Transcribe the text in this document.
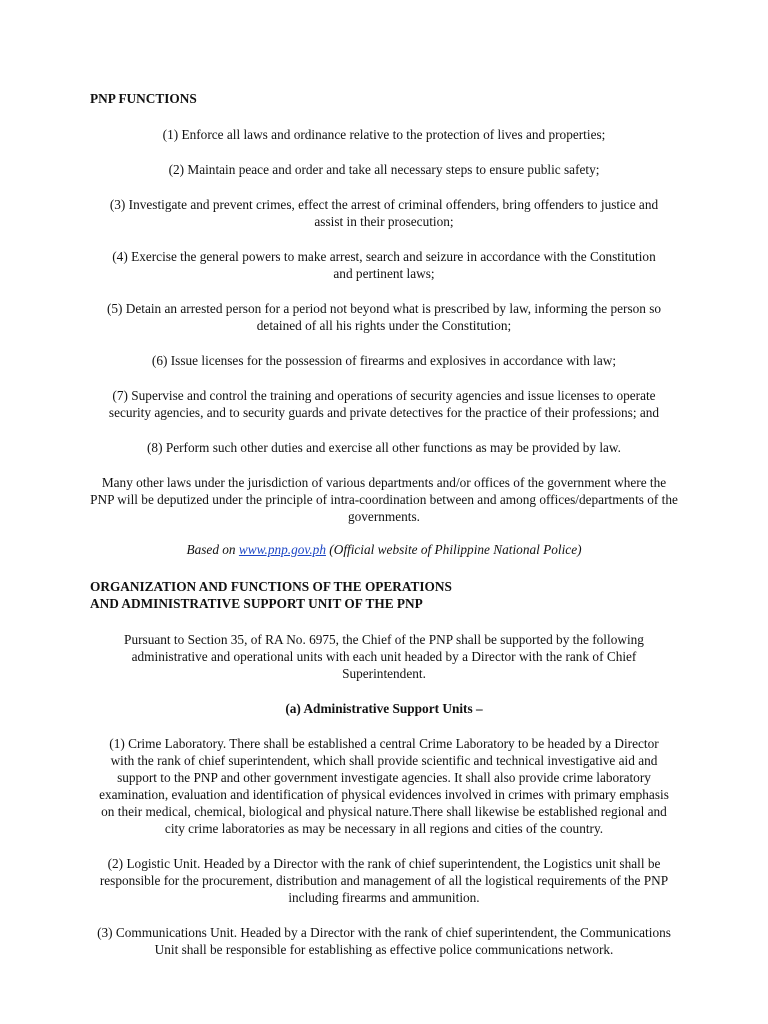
PNP FUNCTIONS

(1) Enforce all laws and ordinance relative to the protection of lives and properties;

(2) Maintain peace and order and take all necessary steps to ensure public safety;

(3) Investigate and prevent crimes, effect the arrest of criminal offenders, bring offenders to justice and assist in their prosecution;

(4) Exercise the general powers to make arrest, search and seizure in accordance with the Constitution and pertinent laws;

(5) Detain an arrested person for a period not beyond what is prescribed by law, informing the person so detained of all his rights under the Constitution;

(6) Issue licenses for the possession of firearms and explosives in accordance with law;

(7) Supervise and control the training and operations of security agencies and issue licenses to operate security agencies, and to security guards and private detectives for the practice of their professions; and

(8) Perform such other duties and exercise all other functions as may be provided by law.

Many other laws under the jurisdiction of various departments and/or offices of the government where the PNP will be deputized under the principle of intra-coordination between and among offices/departments of the governments.

Based on www.pnp.gov.ph (Official website of Philippine National Police)

ORGANIZATION AND FUNCTIONS OF THE OPERATIONS
AND ADMINISTRATIVE SUPPORT UNIT OF THE PNP

Pursuant to Section 35, of RA No. 6975, the Chief of the PNP shall be supported by the following administrative and operational units with each unit headed by a Director with the rank of Chief Superintendent.

(a) Administrative Support Units –

(1) Crime Laboratory. There shall be established a central Crime Laboratory to be headed by a Director with the rank of chief superintendent, which shall provide scientific and technical investigative aid and support to the PNP and other government investigate agencies. It shall also provide crime laboratory examination, evaluation and identification of physical evidences involved in crimes with primary emphasis on their medical, chemical, biological and physical nature.There shall likewise be established regional and city crime laboratories as may be necessary in all regions and cities of the country.

(2) Logistic Unit. Headed by a Director with the rank of chief superintendent, the Logistics unit shall be responsible for the procurement, distribution and management of all the logistical requirements of the PNP including firearms and ammunition.

(3) Communications Unit. Headed by a Director with the rank of chief superintendent, the Communications Unit shall be responsible for establishing as effective police communications network.
